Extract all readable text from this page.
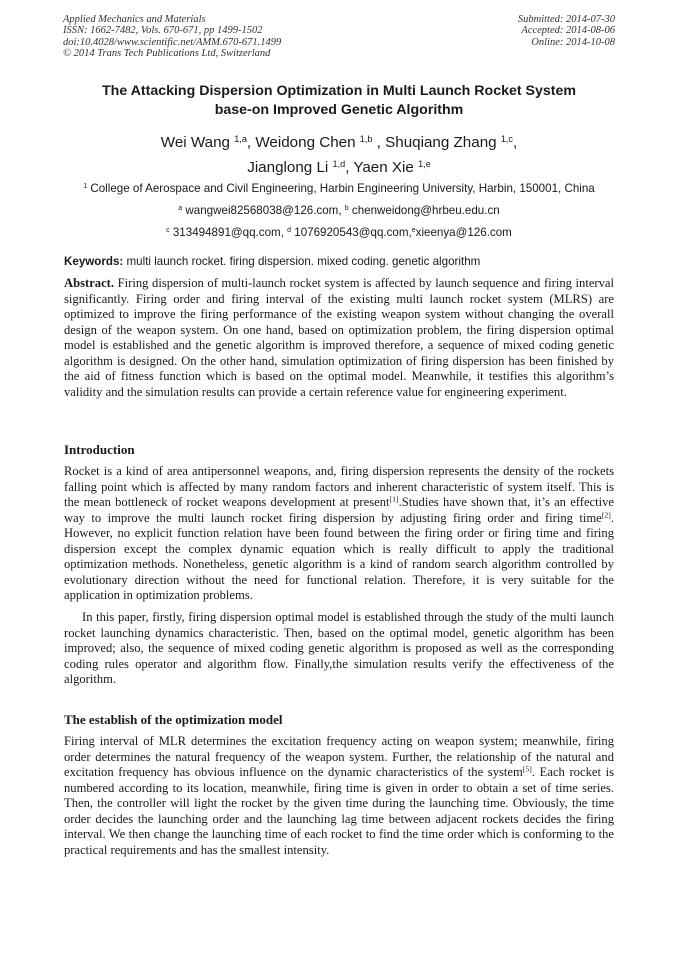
Applied Mechanics and Materials
ISSN: 1662-7482, Vols. 670-671, pp 1499-1502
doi:10.4028/www.scientific.net/AMM.670-671.1499
© 2014 Trans Tech Publications Ltd, Switzerland
Submitted: 2014-07-30
Accepted: 2014-08-06
Online: 2014-10-08
The Attacking Dispersion Optimization in Multi Launch Rocket System
base-on Improved Genetic Algorithm
Wei Wang $^{1,a}$, Weidong Chen $^{1,b}$ , Shuqiang Zhang $^{1,c}$,
Jianglong Li $^{1,d}$, Yaen Xie $^{1,e}$
$^1$ College of Aerospace and Civil Engineering, Harbin Engineering University, Harbin, 150001, China
$^a$ wangwei82568038@126.com, $^b$ chenweidong@hrbeu.edu.cn
$^c$ 313494891@qq.com, $^d$ 1076920543@qq.com,$^e$xieenya@126.com
Keywords: multi launch rocket. firing dispersion. mixed coding. genetic algorithm

Abstract. Firing dispersion of multi-launch rocket system is affected by launch sequence and firing interval significantly. Firing order and firing interval of the existing multi launch rocket system (MLRS) are optimized to improve the firing performance of the existing weapon system without changing the overall design of the weapon system. On one hand, based on optimization problem, the firing dispersion optimal model is established and the genetic algorithm is improved therefore, a sequence of mixed coding genetic algorithm is designed. On the other hand, simulation optimization of firing dispersion has been finished by the aid of fitness function which is based on the optimal model. Meanwhile, it testifies this algorithm’s validity and the simulation results can provide a certain reference value for engineering experiment.

Introduction

Rocket is a kind of area antipersonnel weapons, and, firing dispersion represents the density of the rockets falling point which is affected by many random factors and inherent characteristic of system itself. This is the mean bottleneck of rocket weapons development at present[1].Studies have shown that, it’s an effective way to improve the multi launch rocket firing dispersion by adjusting firing order and firing time[2]. However, no explicit function relation have been found between the firing order or firing time and firing dispersion except the complex dynamic equation which is really difficult to apply the traditional optimization methods. Nonetheless, genetic algorithm is a kind of random search algorithm controlled by evolutionary direction without the need for functional relation. Therefore, it is very suitable for the application in optimization problems.

In this paper, firstly, firing dispersion optimal model is established through the study of the multi launch rocket launching dynamics characteristic. Then, based on the optimal model, genetic algorithm has been improved; also, the sequence of mixed coding genetic algorithm is proposed as well as the corresponding coding rules operator and algorithm flow. Finally,the simulation results verify the effectiveness of the algorithm.

The establish of the optimization model

Firing interval of MLR determines the excitation frequency acting on weapon system; meanwhile, firing order determines the natural frequency of the weapon system. Further, the relationship of the natural and excitation frequency has obvious influence on the dynamic characteristics of the system[5]. Each rocket is numbered according to its location, meanwhile, firing time is given in order to obtain a set of time series. Then, the controller will light the rocket by the given time during the launching time. Obviously, the time order decides the launching order and the launching lag time between adjacent rockets decides the firing interval. We then change the launching time of each rocket to find the time order which is conforming to the practical requirements and has the smallest intensity.
